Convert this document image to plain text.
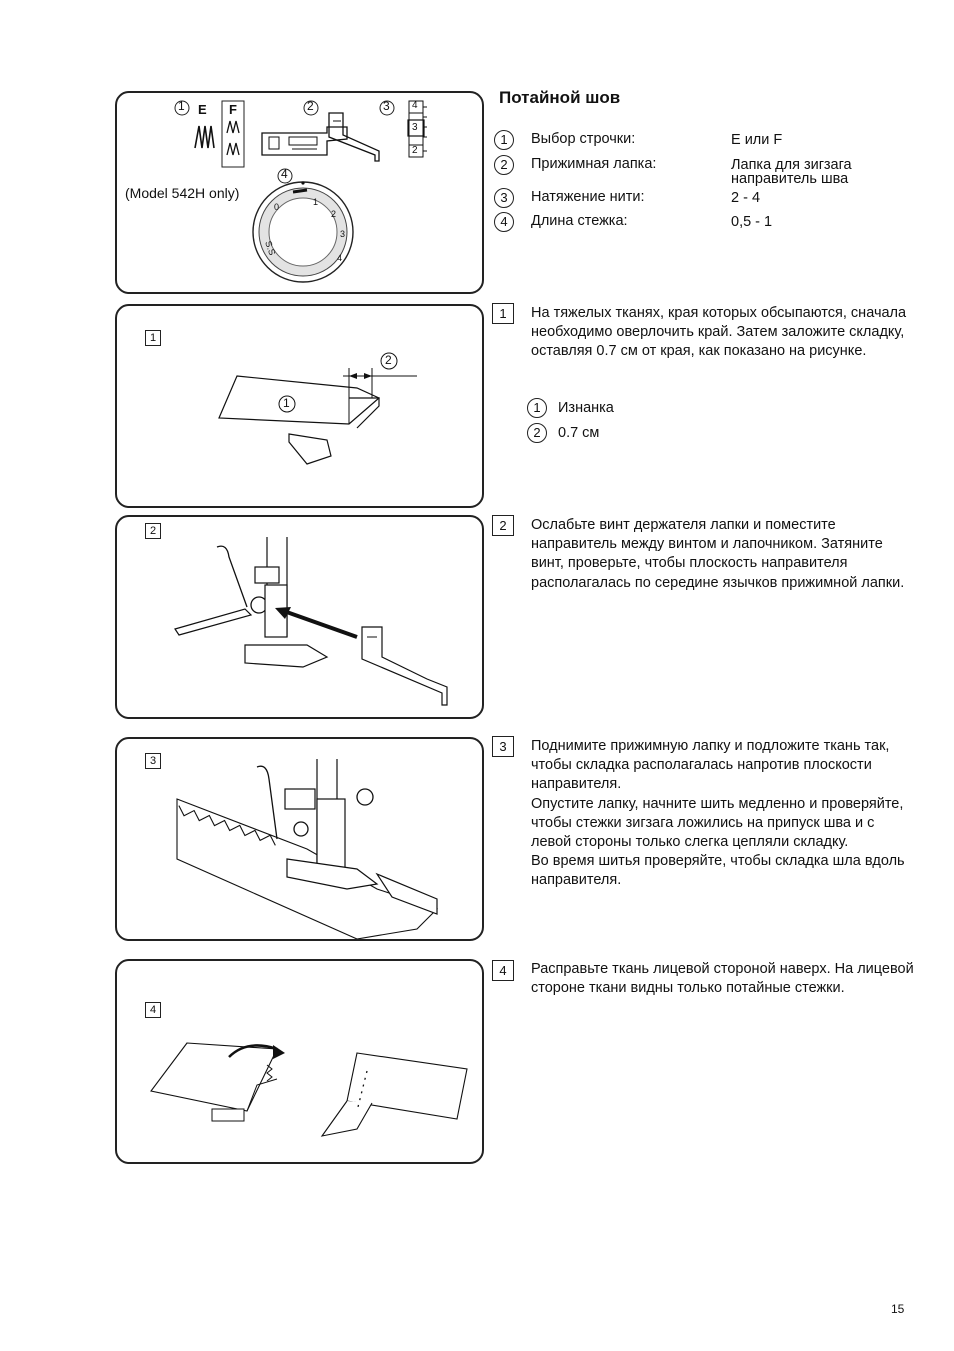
1	2	3
4
E F
(Model 542H only)
4
3
2
0	1
2
3
4
S.S
1
2
1
2
3
4
Потайной шов
1	Выбор строчки:	E или F
2	Прижимная лапка:	Лапка для зигзага
направитель шва
3	Натяжение нити:	2 - 4
4	Длина стежка:	0,5 - 1
1	На тяжелых тканях, края которых обсыпаются, сначала необходимо оверлочить край. Затем заложите складку, оставляя 0.7 см от края, как показано на рисунке.
1	Изнанка
2	0.7 см
2	Ослабьте винт держателя лапки и поместите направитель между винтом и лапочником. Затяните винт, проверьте, чтобы плоскость направителя располагалась по середине язычков прижимной лапки.
3	Поднимите прижимную лапку и подложите ткань так, чтобы складка располагалась напротив плоскости направителя.

Опустите лапку, начните шить медленно и проверяйте, чтобы стежки зигзага ложились на припуск шва и с левой стороны только слегка цепляли складку.

Во время шитья проверяйте, чтобы складка шла вдоль направителя.

4	Расправьте ткань лицевой стороной наверх. На лицевой стороне ткани видны только потайные стежки.
15
